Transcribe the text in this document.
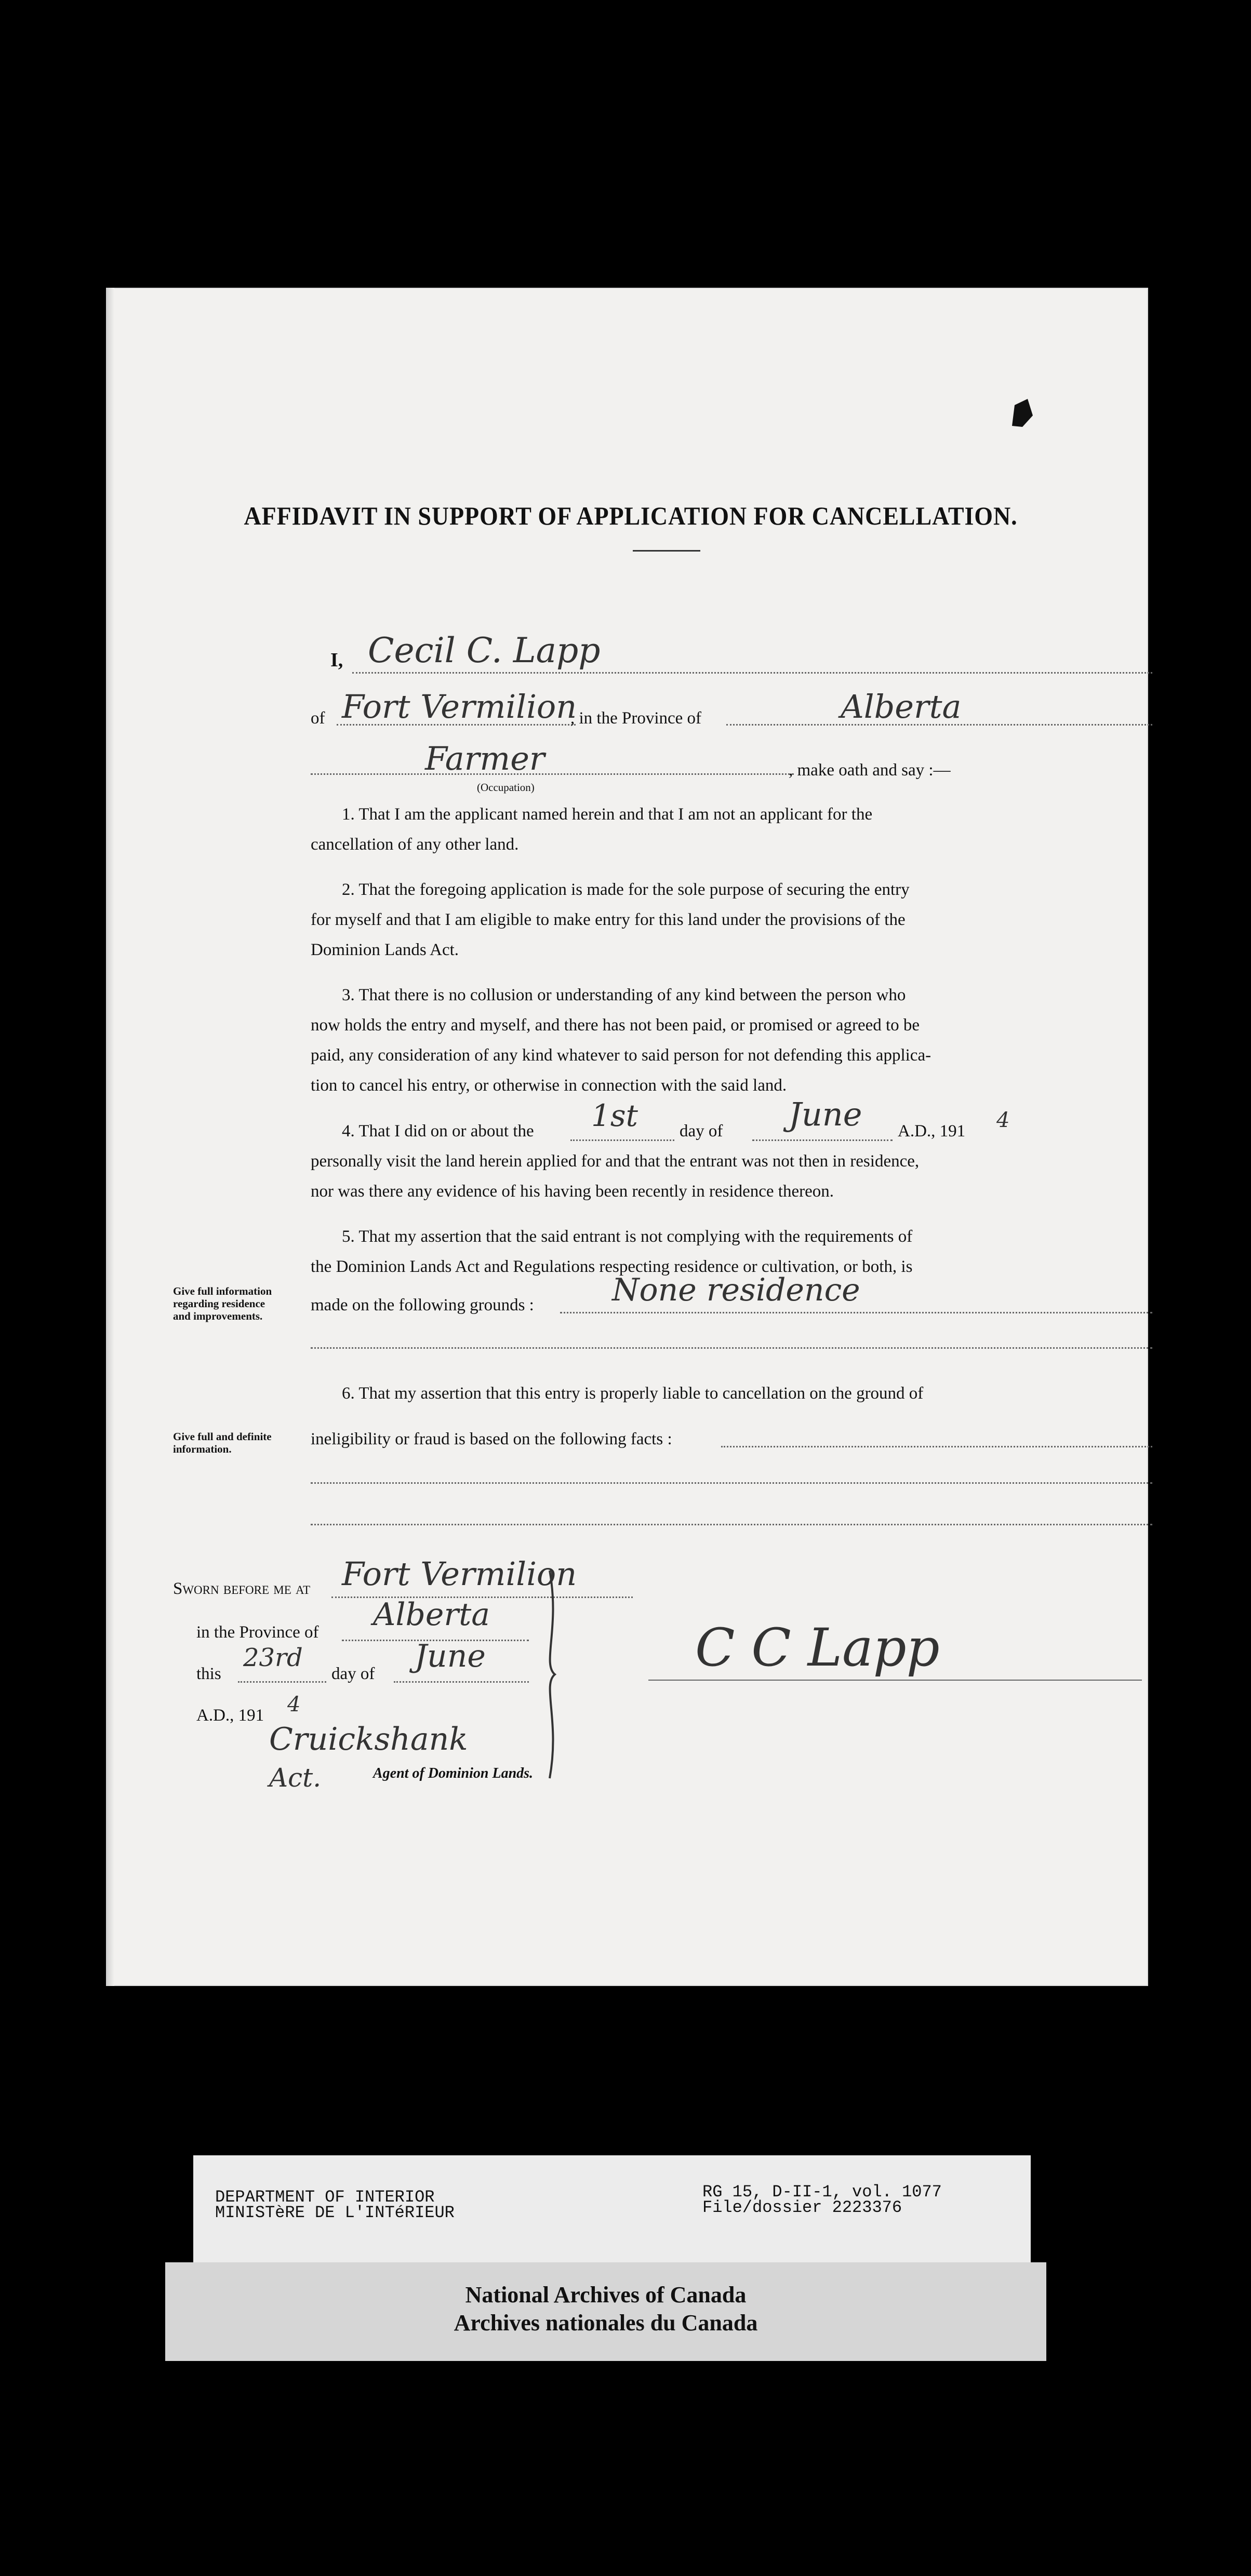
AFFIDAVIT IN SUPPORT OF APPLICATION FOR CANCELLATION.
I, Cecil C. Lapp
of Fort Vermilion
, in the Province of	Alberta
Farmer
(Occupation)
, make oath and say :—
1. That I am the applicant named herein and that I am not an applicant for the
cancellation of any other land.
2. That the foregoing application is made for the sole purpose of securing the entry
for myself and that I am eligible to make entry for this land under the provisions of the
Dominion Lands Act.
3. That there is no collusion or understanding of any kind between the person who
now holds the entry and myself, and there has not been paid, or promised or agreed to be
paid, any consideration of any kind whatever to said person for not defending this applica-
tion to cancel his entry, or otherwise in connection with the said land.
4. That I did on or about the 1st day of June A.D., 191 4
personally visit the land herein applied for and that the entrant was not then in residence,
nor was there any evidence of his having been recently in residence thereon.
5. That my assertion that the said entrant is not complying with the requirements of
the Dominion Lands Act and Regulations respecting residence or cultivation, or both, is
made on the following grounds :	None residence
Give full information
regarding residence
and improvements.
6. That my assertion that this entry is properly liable to cancellation on the ground of
ineligibility or fraud is based on the following facts :
Give full and definite
information.
Sworn before me at Fort Vermilion
in the Province of Alberta
this
23rd
day of June
A.D., 191 4
Cruickshank
Act.	Agent of Dominion Lands.
C C Lapp
DEPARTMENT OF INTERIOR
MINISTèRE DE L'INTéRIEUR
RG 15, D-II-1, vol. 1077
File/dossier 2223376
National Archives of Canada
Archives nationales du Canada
